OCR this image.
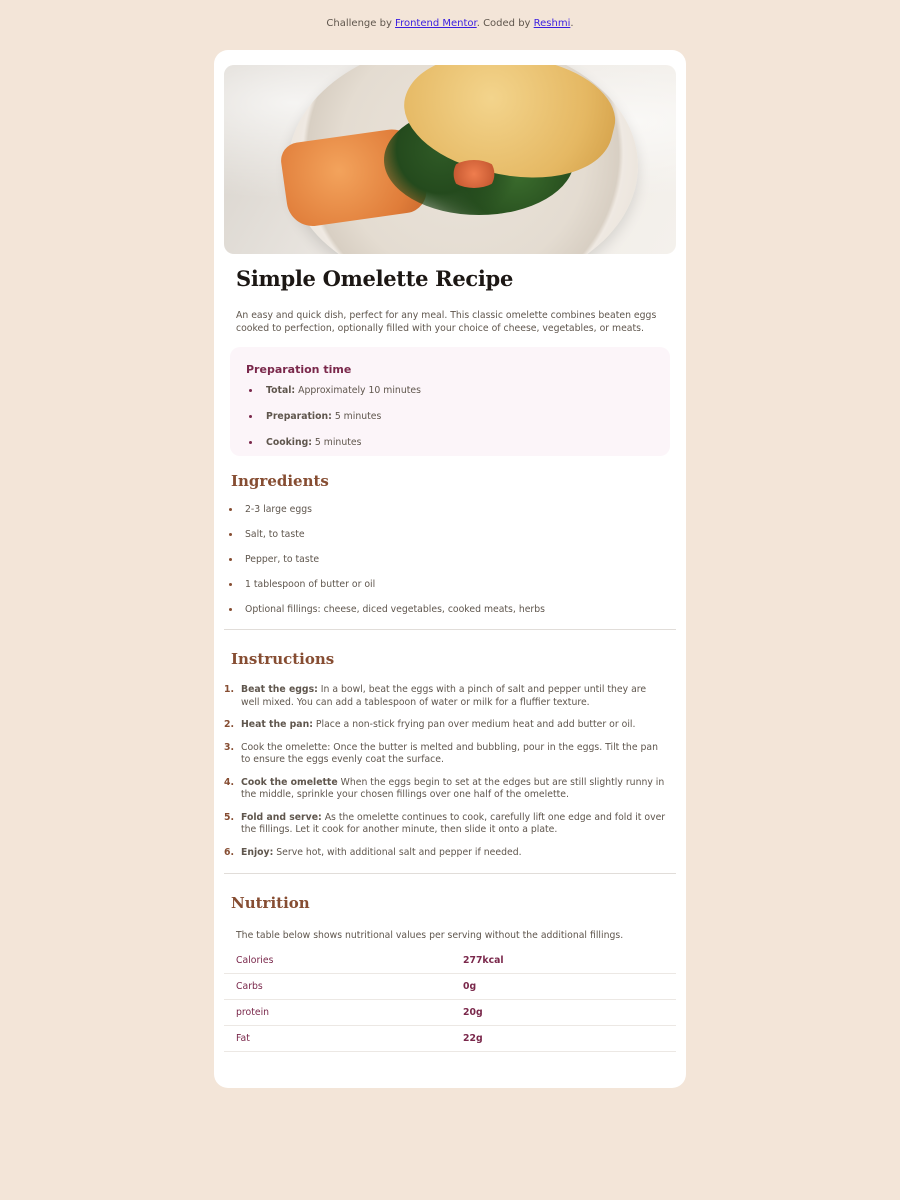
Challenge by Frontend Mentor. Coded by Reshmi.
Simple Omelette Recipe
An easy and quick dish, perfect for any meal. This classic omelette combines beaten eggs cooked to perfection, optionally filled with your choice of cheese, vegetables, or meats.
Preparation time
Total: Approximately 10 minutes
Preparation: 5 minutes
Cooking: 5 minutes
Ingredients
2-3 large eggs
Salt, to taste
Pepper, to taste
1 tablespoon of butter or oil
Optional fillings: cheese, diced vegetables, cooked meats, herbs
Instructions
1. Beat the eggs: In a bowl, beat the eggs with a pinch of salt and pepper until they are well mixed. You can add a tablespoon of water or milk for a fluffier texture.
2. Heat the pan: Place a non-stick frying pan over medium heat and add butter or oil.
3. Cook the omelette: Once the butter is melted and bubbling, pour in the eggs. Tilt the pan to ensure the eggs evenly coat the surface.
4. Cook the omelette When the eggs begin to set at the edges but are still slightly runny in the middle, sprinkle your chosen fillings over one half of the omelette.
5. Fold and serve: As the omelette continues to cook, carefully lift one edge and fold it over the fillings. Let it cook for another minute, then slide it onto a plate.
6. Enjoy: Serve hot, with additional salt and pepper if needed.
Nutrition
The table below shows nutritional values per serving without the additional fillings.
Calories	277kcal
Carbs	0g
protein	20g
Fat	22g
